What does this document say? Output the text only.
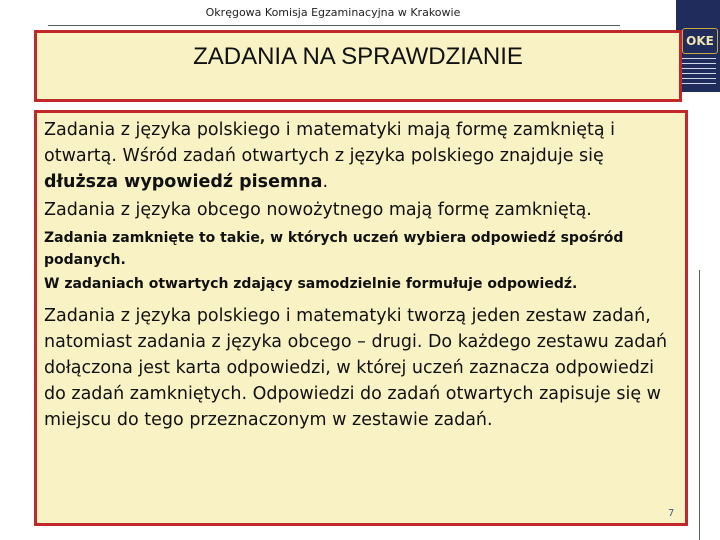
Okręgowa Komisja Egzaminacyjna w Krakowie
OKE
ZADANIA NA SPRAWDZIANIE

Zadania z języka polskiego i matematyki mają formę zamkniętą i otwartą. Wśród zadań otwartych z języka polskiego znajduje się dłuższa wypowiedź pisemna.

Zadania z języka obcego nowożytnego mają formę zamkniętą.

Zadania zamknięte to takie, w których uczeń wybiera odpowiedź spośród podanych.

W zadaniach otwartych zdający samodzielnie formułuje odpowiedź.

Zadania z języka polskiego i matematyki tworzą jeden zestaw zadań, natomiast zadania z języka obcego – drugi. Do każdego zestawu zadań dołączona jest karta odpowiedzi, w której uczeń zaznacza odpowiedzi do zadań zamkniętych. Odpowiedzi do zadań otwartych zapisuje się w miejscu do tego przeznaczonym w zestawie zadań.

7
